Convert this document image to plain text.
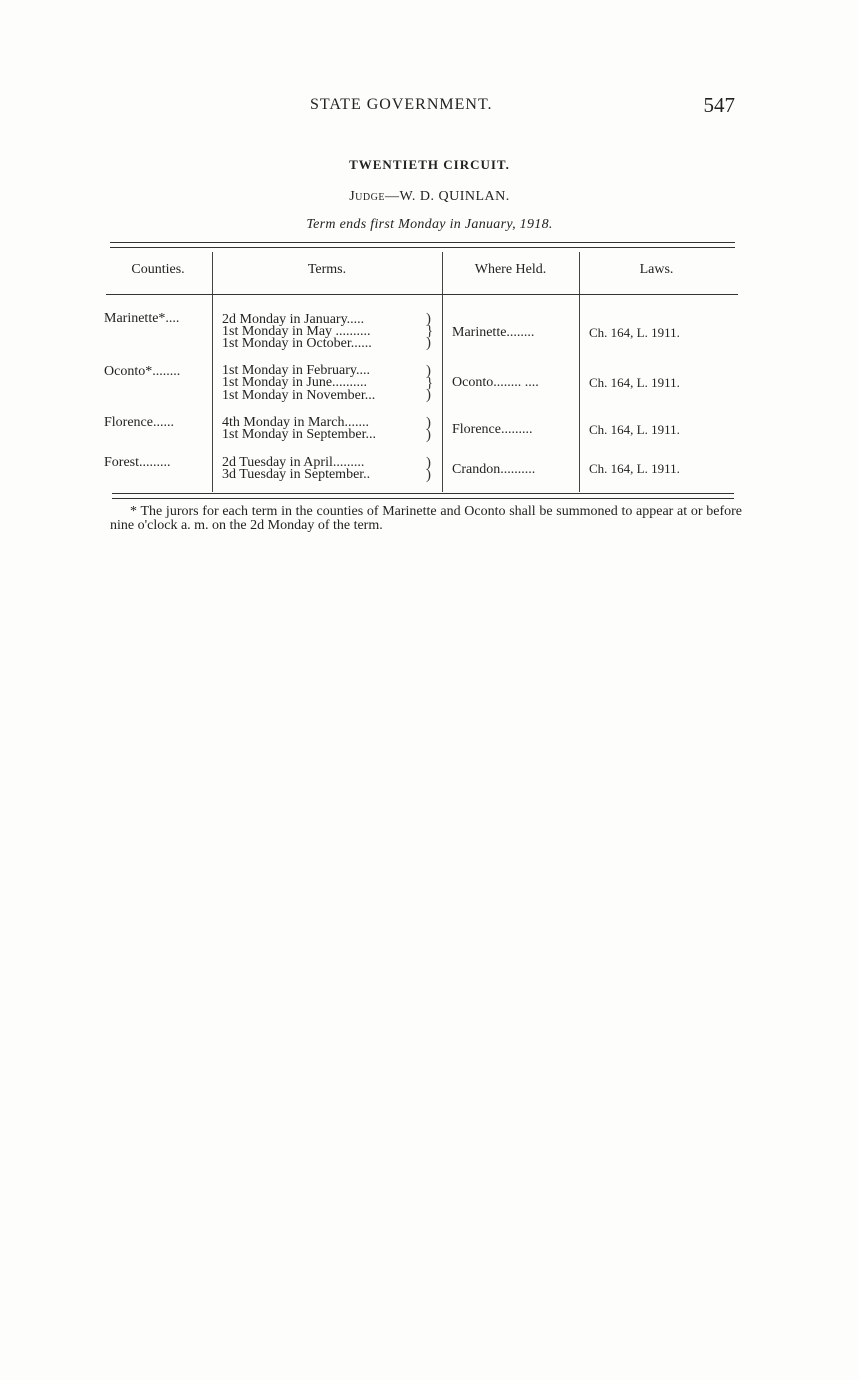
STATE GOVERNMENT.	547
TWENTIETH CIRCUIT.
Judge—W. D. QUINLAN.
Term ends first Monday in January, 1918.
Counties.	Terms.	Where Held.	Laws.
Marinette*....	2d Monday in January.....
1st Monday in May ..........
1st Monday in October......
)
}
)
Marinette........	Ch. 164, L. 1911.
Oconto*........	1st Monday in February....
1st Monday in June..........
1st Monday in November...
)
}
)
Oconto........ ....	Ch. 164, L. 1911.
Florence......	4th Monday in March.......
1st Monday in September...
)
) Florence.........	Ch. 164, L. 1911.
Forest.........	2d Tuesday in April.........
3d Tuesday in September..
)
) Crandon..........	Ch. 164, L. 1911.
* The jurors for each term in the counties of Marinette and Oconto shall be summoned to appear at or before nine o'clock a. m. on the 2d Monday of the term.
